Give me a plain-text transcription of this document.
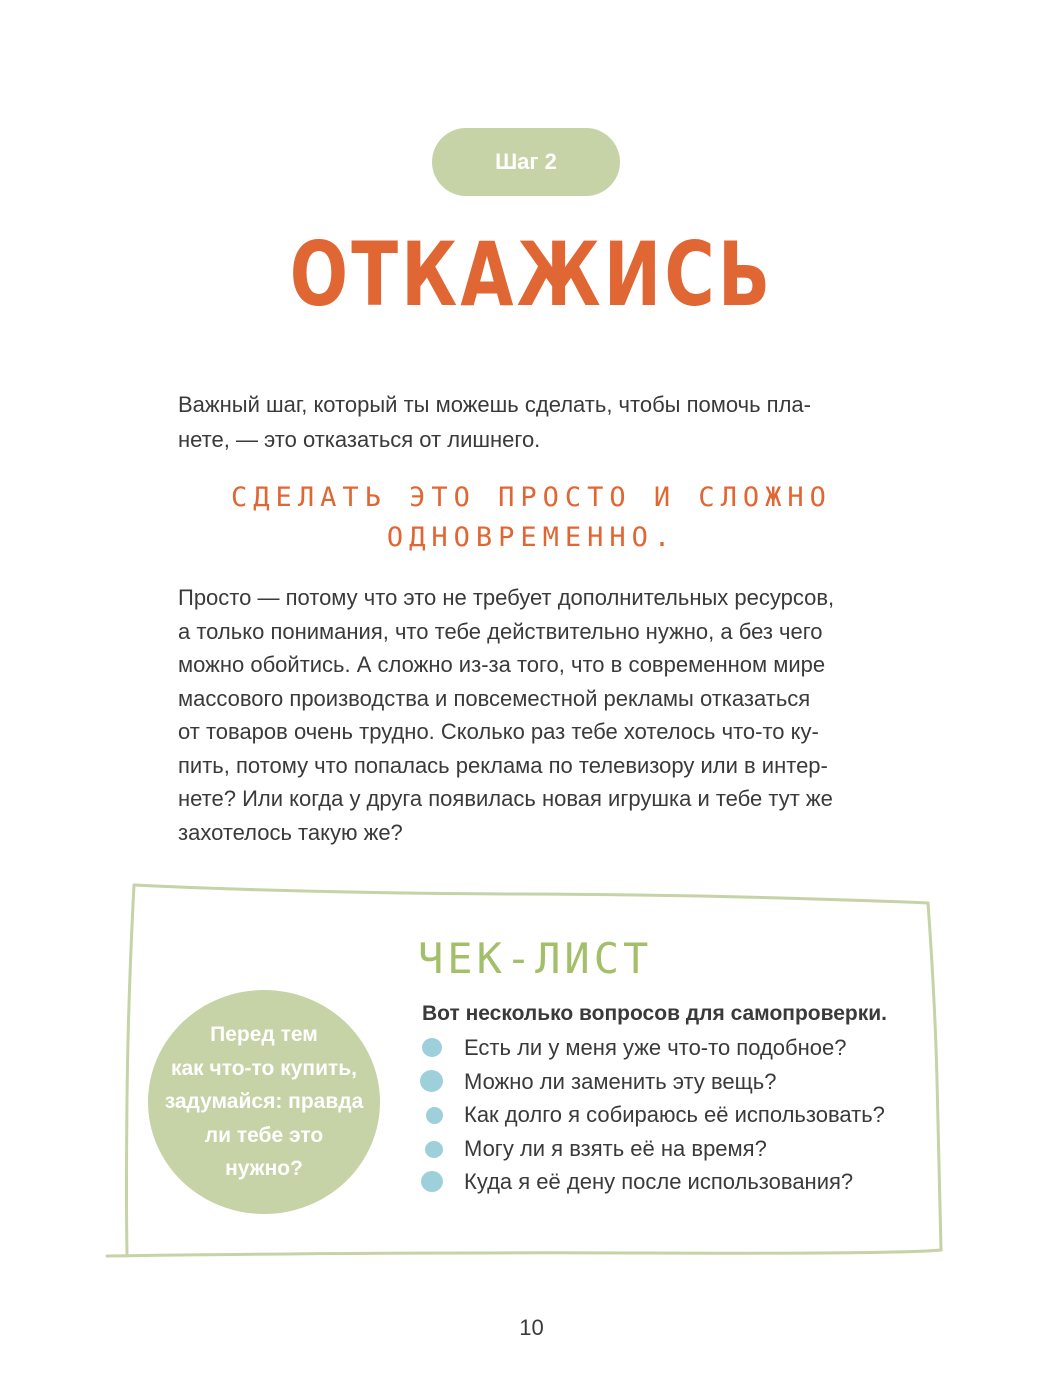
Шаг 2
ОТКАЖИСЬ
Важный шаг, который ты можешь сделать, чтобы помочь пла-
нете, — это отказаться от лишнего.
СДЕЛАТЬ ЭТО ПРОСТО И СЛОЖНО
ОДНОВРЕМЕННО.
Просто — потому что это не требует дополнительных ресурсов,
а только понимания, что тебе действительно нужно, а без чего
можно обойтись. А сложно из-за того, что в современном мире
массового производства и повсеместной рекламы отказаться
от товаров очень трудно. Сколько раз тебе хотелось что-то ку-
пить, потому что попалась реклама по телевизору или в интер-
нете? Или когда у друга появилась новая игрушка и тебе тут же
захотелось такую же?
ЧЕК-ЛИСТ
Перед тем
как что-то купить,
задумайся: правда
ли тебе это
нужно?
Вот несколько вопросов для самопроверки.
Есть ли у меня уже что-то подобное?
Можно ли заменить эту вещь?
Как долго я собираюсь её использовать?
Могу ли я взять её на время?
Куда я её дену после использования?
10
